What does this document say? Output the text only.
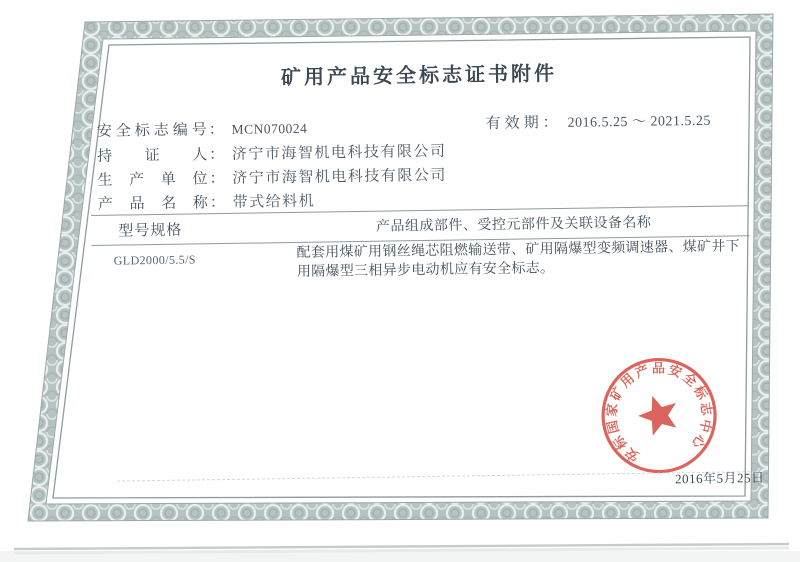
矿用产品安全标志证书附件
有效期： 2016.5.25 ～ 2021.5.25
安全标志编号 ： MCN070024
持证人 ： 济宁市海智机电科技有限公司
生产单位 ： 济宁市海智机电科技有限公司
产品名称 ： 带式给料机
型号规格	产品组成部件、受控元部件及关联设备名称
GLD2000/5.5/S	配套用煤矿用钢丝绳芯阻燃输送带、矿用隔爆型变频调速器、煤矿井下用隔爆型三相异步电动机应有安全标志。
安标国家矿用产品安全标志中心
2016年5月25日
